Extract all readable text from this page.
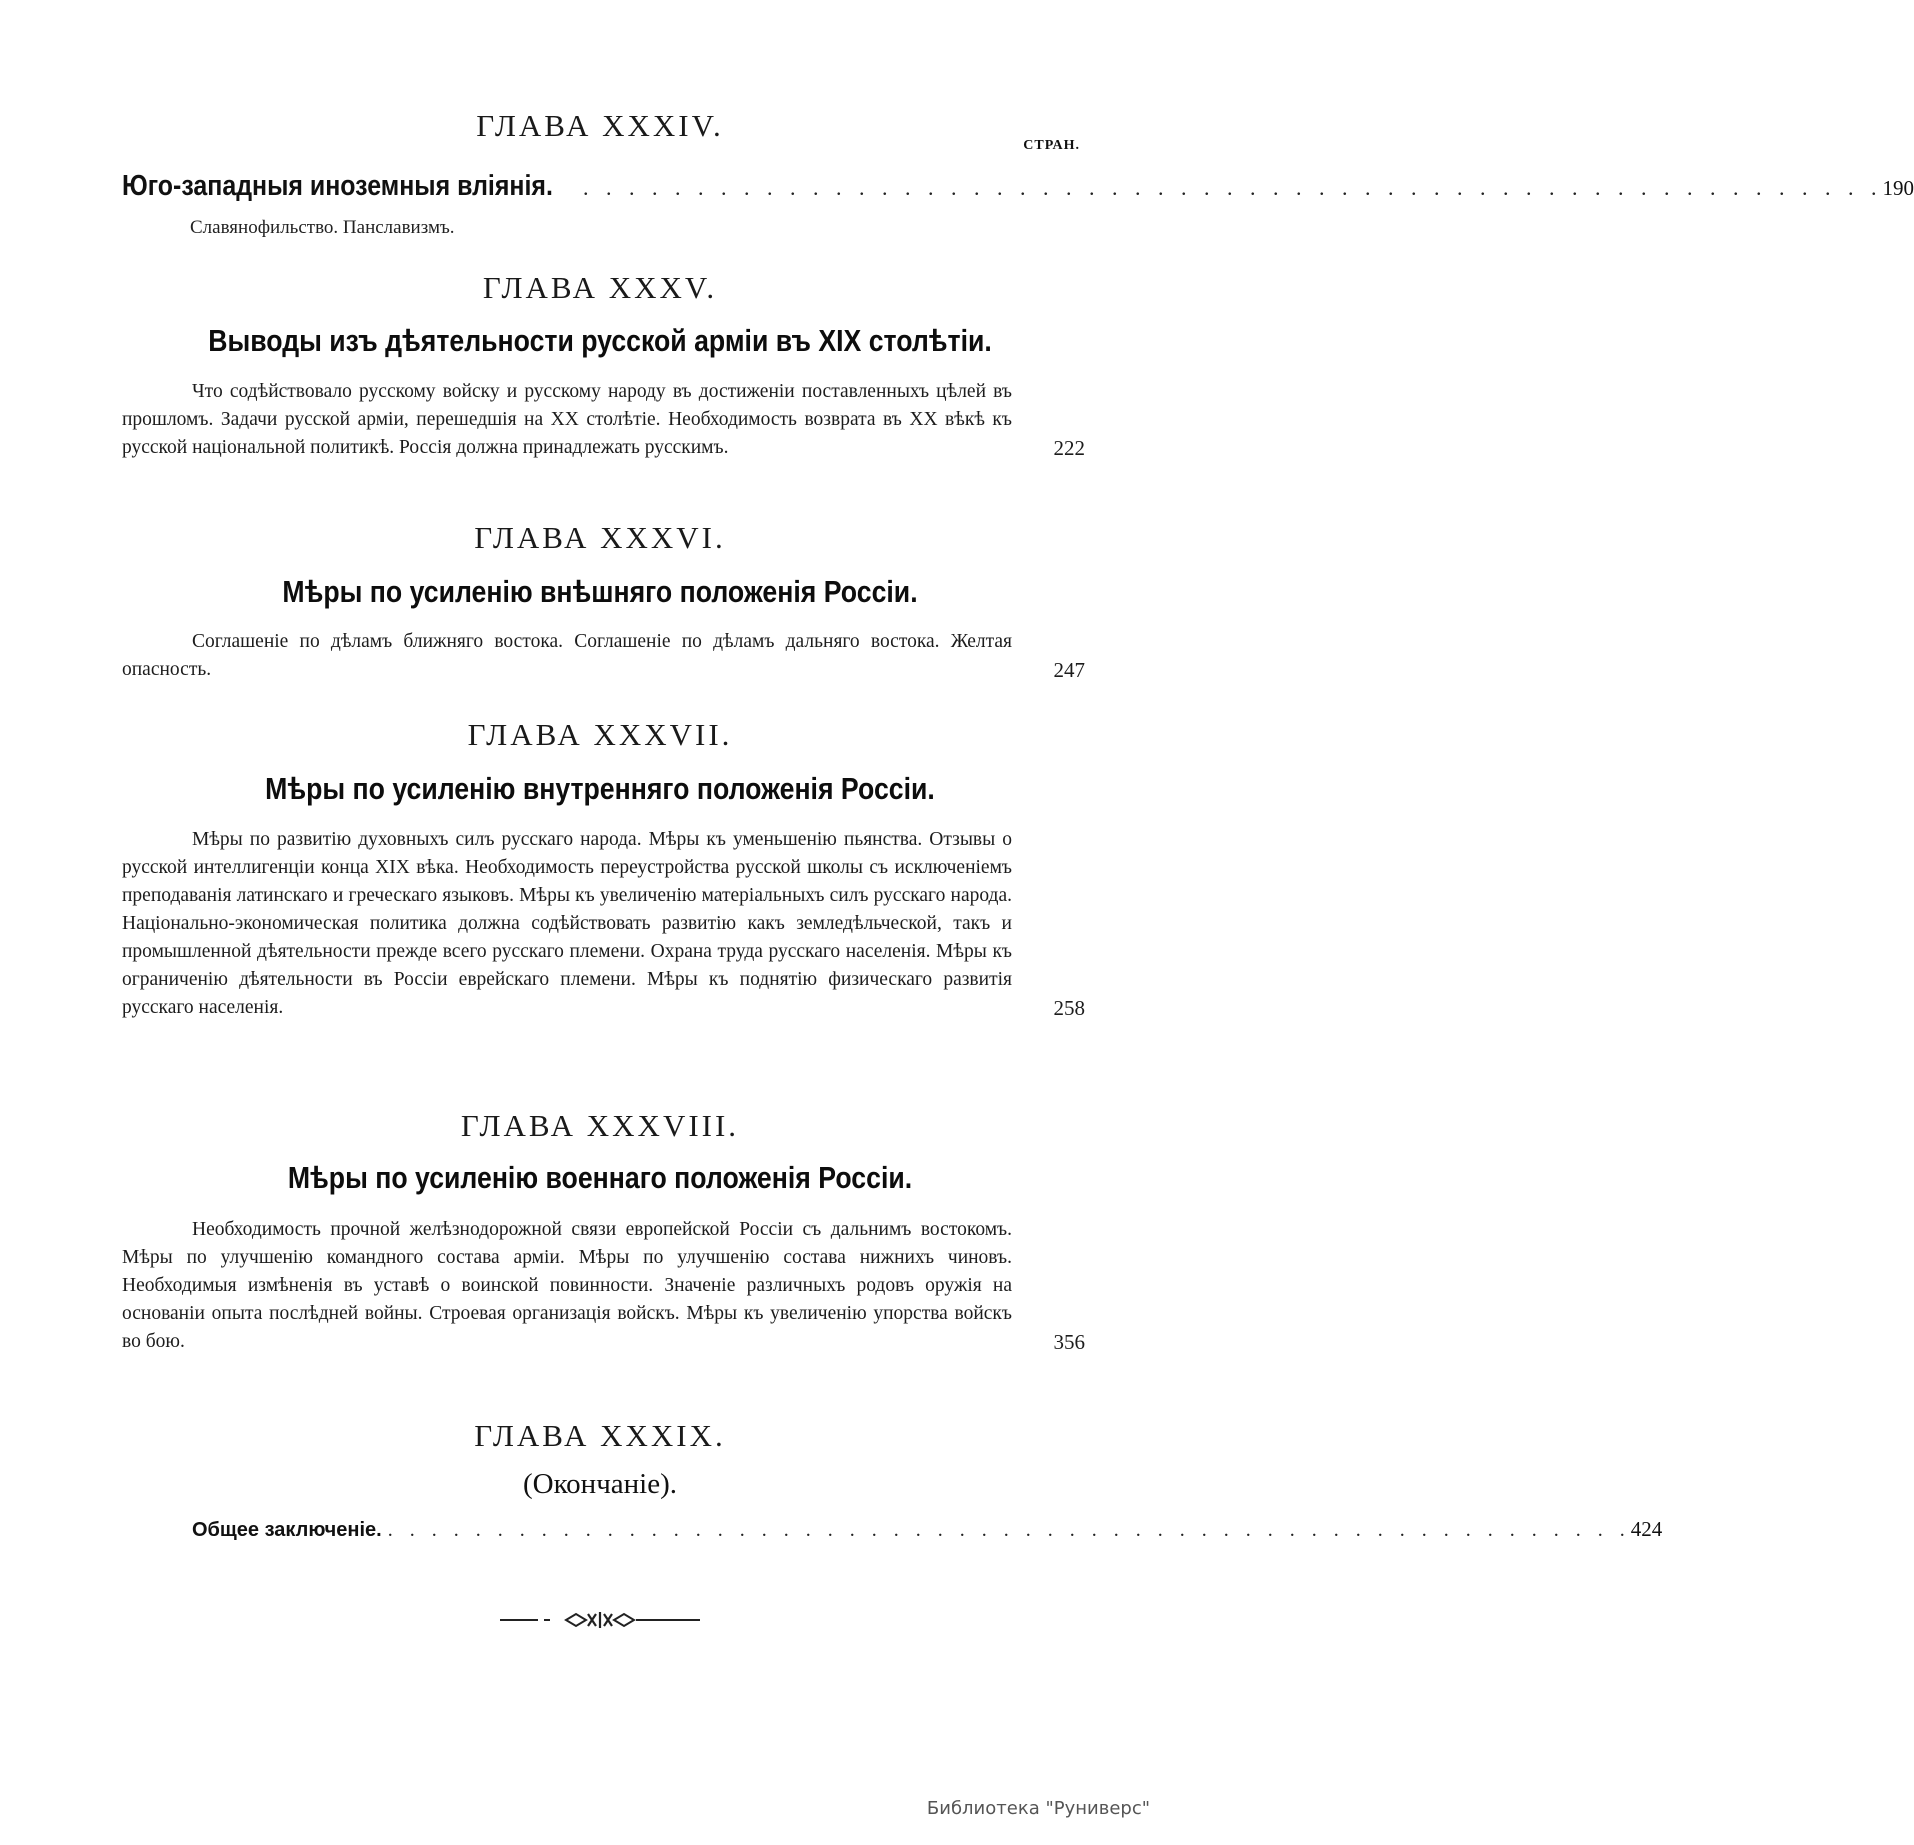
ГЛАВА XXXIV.
СТРАН.
Юго-западныя иноземныя вліянія. . . . . . . . . . . . . . . . . . . . . . . . . . . . . . . . . . . . . . . . . . . . . . . . . . . . . . . . . . 190
Славянофильство. Панславизмъ.
ГЛАВА XXXV.
Выводы изъ дѣятельности русской арміи въ XIX столѣтіи.
Что содѣйствовало русскому войску и русскому народу въ достиженіи поставленныхъ цѣлей въ прошломъ. Задачи русской арміи, перешедшія на XX столѣтіе. Необходимость возврата въ XX вѣкѣ къ русской національной политикѣ. Россія должна принадлежать русскимъ.	222
ГЛАВА XXXVI.
Мѣры по усиленію внѣшняго положенія Россіи.
Соглашеніе по дѣламъ ближняго востока. Соглашеніе по дѣламъ дальняго востока. Желтая опасность.	247
ГЛАВА XXXVII.
Мѣры по усиленію внутренняго положенія Россіи.
Мѣры по развитію духовныхъ силъ русскаго народа. Мѣры къ уменьшенію пьянства. Отзывы о русской интеллигенціи конца XIX вѣка. Необходимость переустройства русской школы съ исключеніемъ преподаванія латинскаго и греческаго языковъ. Мѣры къ увеличенію матеріальныхъ силъ русскаго народа. Національно-экономическая политика должна содѣйствовать развитію какъ земледѣльческой, такъ и промышленной дѣятельности прежде всего русскаго племени. Охрана труда русскаго населенія. Мѣры къ ограниченію дѣятельности въ Россіи еврейскаго племени. Мѣры къ поднятію физическаго развитія русскаго населенія.	258
ГЛАВА XXXVIII.
Мѣры по усиленію военнаго положенія Россіи.
Необходимость прочной желѣзнодорожной связи европейской Россіи съ дальнимъ востокомъ. Мѣры по улучшенію командного состава арміи. Мѣры по улучшенію состава нижнихъ чиновъ. Необходимыя измѣненія въ уставѣ о воинской повинности. Значеніе различныхъ родовъ оружія на основаніи опыта послѣдней войны. Строевая организація войскъ. Мѣры къ увеличенію упорства войскъ во бою.	356
ГЛАВА XXXIX.
(Окончаніе).
Общее заключеніе. . . . . . . . . . . . . . . . . . . . . . . . . . . . . . . . . . . . . . . . . . . . . . . . . . . . . . . . . . 424
Библиотека "Руниверс"
